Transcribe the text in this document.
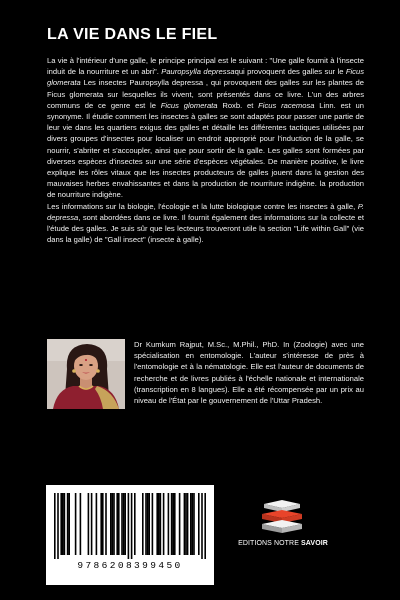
LA VIE DANS LE FIEL

La vie à l'intérieur d'une galle, le principe principal est le suivant : "Une galle fournit à l'insecte induit de la nourriture et un abri". Pauropsylla depressaqui provoquent des galles sur le Ficus glomerata Les insectes Pauropsylla depressa , qui provoquent des galles sur les plantes de Ficus glomerata sur lesquelles ils vivent, sont présentés dans ce livre. L'un des arbres communs de ce genre est le Ficus glomerata Roxb. et Ficus racemosa Linn. est un synonyme. Il étudie comment les insectes à galles se sont adaptés pour passer une partie de leur vie dans les quartiers exigus des galles et détaille les différentes tactiques utilisées par divers groupes d'insectes pour localiser un endroit approprié pour l'induction de la galle, se nourrir, s'abriter et s'accoupler, ainsi que pour sortir de la galle. Les galles sont formées par diverses espèces d'insectes sur une série d'espèces végétales. De manière positive, le livre explique les rôles vitaux que les insectes producteurs de galles jouent dans la gestion des mauvaises herbes envahissantes et dans la production de nourriture indigène. la production de nourriture indigène.

Les informations sur la biologie, l'écologie et la lutte biologique contre les insectes à galle, P. depressa, sont abordées dans ce livre. Il fournit également des informations sur la collecte et l'étude des galles. Je suis sûr que les lecteurs trouveront utile la section "Life within Gall" (vie dans la galle) de "Gall insect" (insecte à galle).

Dr Kumkum Rajput, M.Sc., M.Phil., PhD. In (Zoologie) avec une spécialisation en entomologie. L'auteur s'intéresse de près à l'entomologie et à la nématologie. Elle est l'auteur de documents de recherche et de livres publiés à l'échelle nationale et internationale (transcription en 8 langues). Elle a été récompensée par un prix au niveau de l'État par le gouvernement de l'Uttar Pradesh.

9786208399450
EDITIONS NOTRE SAVOIR
